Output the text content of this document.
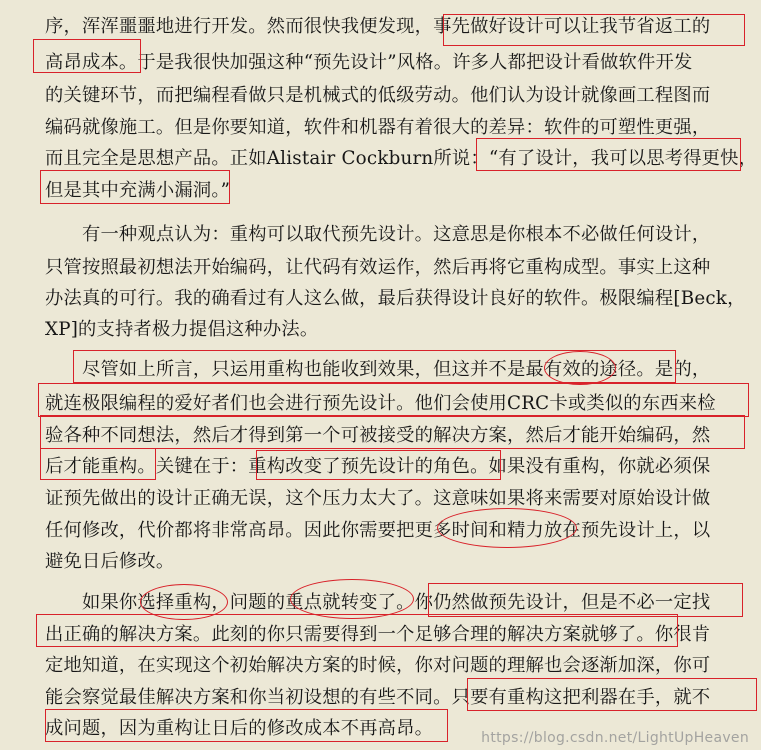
序，浑浑噩噩地进行开发。然而很快我便发现，事先做好设计可以让我节省返工的
高昂成本。于是我很快加强这种“预先设计”风格。许多人都把设计看做软件开发
的关键环节，而把编程看做只是机械式的低级劳动。他们认为设计就像画工程图而
编码就像施工。但是你要知道，软件和机器有着很大的差异：软件的可塑性更强，
而且完全是思想产品。正如Alistair Cockburn所说：“有了设计，我可以思考得更快，
但是其中充满小漏洞。”
　　有一种观点认为：重构可以取代预先设计。这意思是你根本不必做任何设计，
只管按照最初想法开始编码，让代码有效运作，然后再将它重构成型。事实上这种
办法真的可行。我的确看过有人这么做，最后获得设计良好的软件。极限编程[Beck，
XP]的支持者极力提倡这种办法。
　　尽管如上所言，只运用重构也能收到效果，但这并不是最有效的途径。是的，
就连极限编程的爱好者们也会进行预先设计。他们会使用CRC卡或类似的东西来检
验各种不同想法，然后才得到第一个可被接受的解决方案，然后才能开始编码，然
后才能重构。关键在于：重构改变了预先设计的角色。如果没有重构，你就必须保
证预先做出的设计正确无误，这个压力太大了。这意味如果将来需要对原始设计做
任何修改，代价都将非常高昂。因此你需要把更多时间和精力放在预先设计上，以
避免日后修改。
　　如果你选择重构，问题的重点就转变了。你仍然做预先设计，但是不必一定找
出正确的解决方案。此刻的你只需要得到一个足够合理的解决方案就够了。你很肯
定地知道，在实现这个初始解决方案的时候，你对问题的理解也会逐渐加深，你可
能会察觉最佳解决方案和你当初设想的有些不同。只要有重构这把利器在手，就不
成问题，因为重构让日后的修改成本不再高昂。	https://blog.csdn.net/LightUpHeaven
